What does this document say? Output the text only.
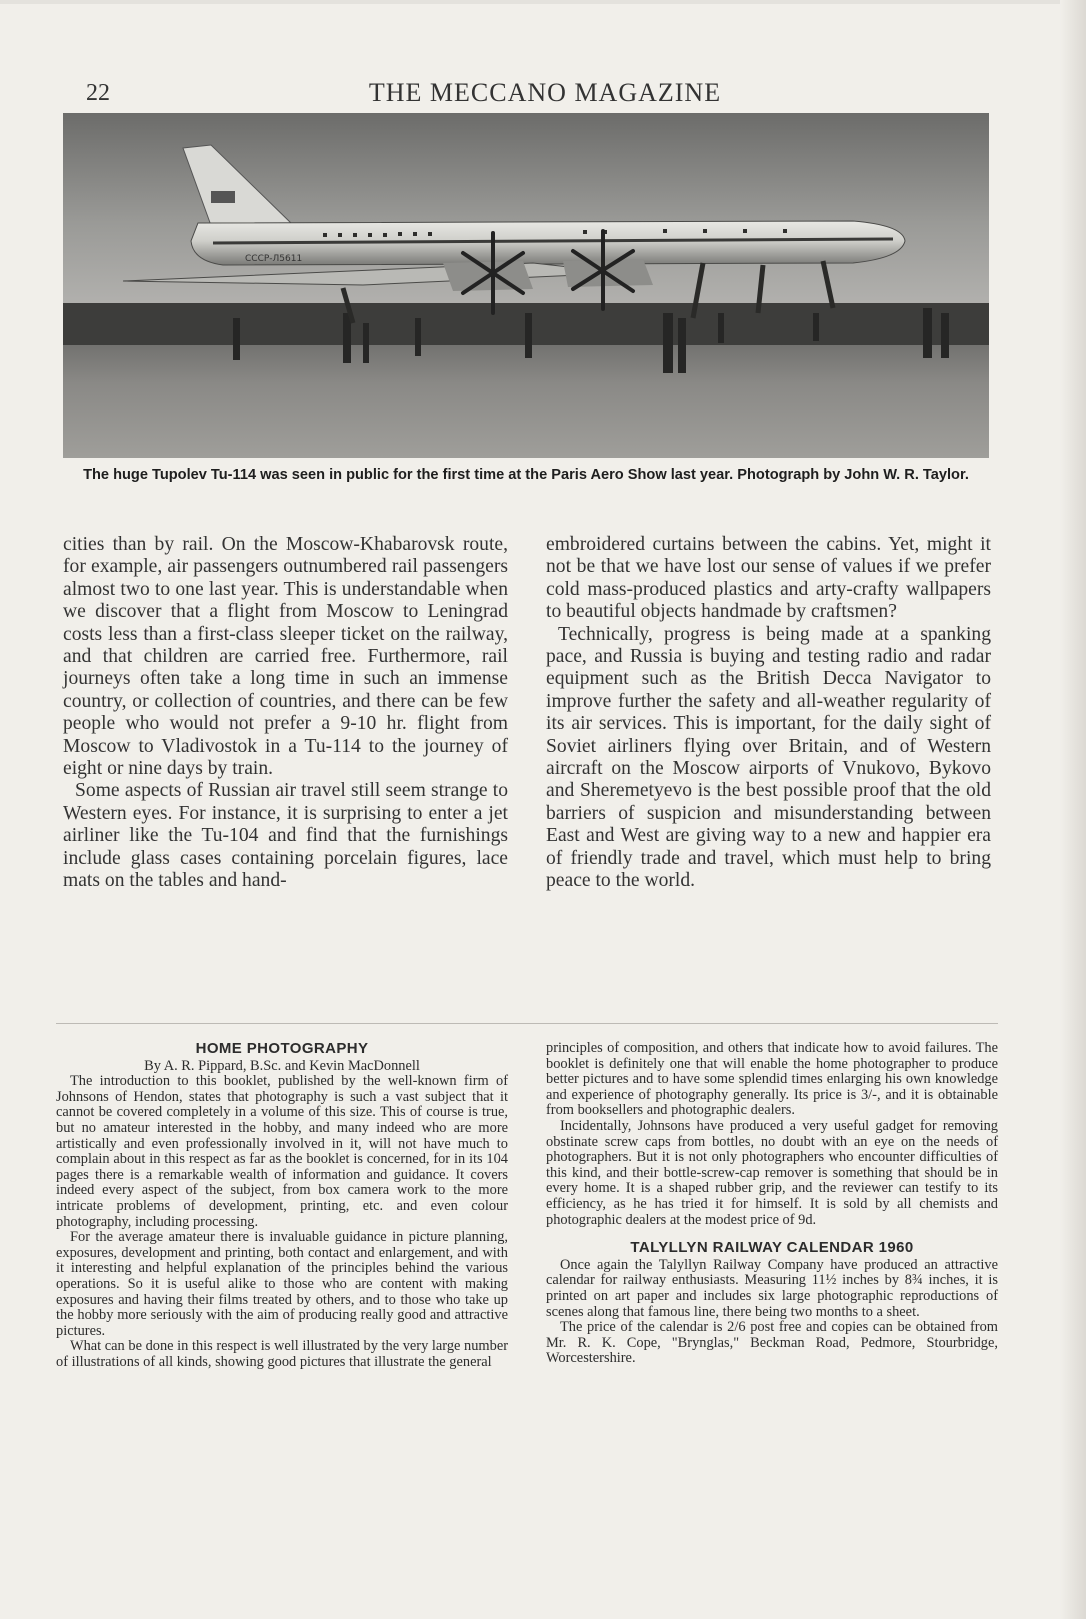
22	THE MECCANO MAGAZINE
СССР-Л5611
The huge Tupolev Tu-114 was seen in public for the first time at the Paris Aero Show last year. Photograph by John W. R. Taylor.

cities than by rail. On the Moscow-Khabarovsk route, for example, air passengers outnumbered rail passengers almost two to one last year. This is understandable when we discover that a flight from Moscow to Leningrad costs less than a first-class sleeper ticket on the railway, and that children are carried free. Furthermore, rail journeys often take a long time in such an immense country, or collection of countries, and there can be few people who would not prefer a 9-10 hr. flight from Moscow to Vladivostok in a Tu-114 to the journey of eight or nine days by train.

Some aspects of Russian air travel still seem strange to Western eyes. For instance, it is surprising to enter a jet airliner like the Tu-104 and find that the furnishings include glass cases containing porcelain figures, lace mats on the tables and hand-

embroidered curtains between the cabins. Yet, might it not be that we have lost our sense of values if we prefer cold mass-produced plastics and arty-crafty wallpapers to beautiful objects handmade by craftsmen?

Technically, progress is being made at a spanking pace, and Russia is buying and testing radio and radar equipment such as the British Decca Navigator to improve further the safety and all-weather regularity of its air services. This is important, for the daily sight of Soviet airliners flying over Britain, and of Western aircraft on the Moscow airports of Vnukovo, Bykovo and Sheremetyevo is the best possible proof that the old barriers of suspicion and misunderstanding between East and West are giving way to a new and happier era of friendly trade and travel, which must help to bring peace to the world.

HOME PHOTOGRAPHY

By A. R. Pippard, B.Sc. and Kevin MacDonnell

The introduction to this booklet, published by the well-known firm of Johnsons of Hendon, states that photography is such a vast subject that it cannot be covered completely in a volume of this size. This of course is true, but no amateur interested in the hobby, and many indeed who are more artistically and even professionally involved in it, will not have much to complain about in this respect as far as the booklet is concerned, for in its 104 pages there is a remarkable wealth of information and guidance. It covers indeed every aspect of the subject, from box camera work to the more intricate problems of development, printing, etc. and even colour photography, including processing.

For the average amateur there is invaluable guidance in picture planning, exposures, development and printing, both contact and enlargement, and with it interesting and helpful explanation of the principles behind the various operations. So it is useful alike to those who are content with making exposures and having their films treated by others, and to those who take up the hobby more seriously with the aim of producing really good and attractive pictures.

What can be done in this respect is well illustrated by the very large number of illustrations of all kinds, showing good pictures that illustrate the general

principles of composition, and others that indicate how to avoid failures. The booklet is definitely one that will enable the home photographer to produce better pictures and to have some splendid times enlarging his own knowledge and experience of photography generally. Its price is 3/-, and it is obtainable from booksellers and photographic dealers.

Incidentally, Johnsons have produced a very useful gadget for removing obstinate screw caps from bottles, no doubt with an eye on the needs of photographers. But it is not only photographers who encounter difficulties of this kind, and their bottle-screw-cap remover is something that should be in every home. It is a shaped rubber grip, and the reviewer can testify to its efficiency, as he has tried it for himself. It is sold by all chemists and photographic dealers at the modest price of 9d.

TALYLLYN RAILWAY CALENDAR 1960

Once again the Talyllyn Railway Company have produced an attractive calendar for railway enthusiasts. Measuring 11½ inches by 8¾ inches, it is printed on art paper and includes six large photographic reproductions of scenes along that famous line, there being two months to a sheet.

The price of the calendar is 2/6 post free and copies can be obtained from Mr. R. K. Cope, "Brynglas," Beckman Road, Pedmore, Stourbridge, Worcestershire.
